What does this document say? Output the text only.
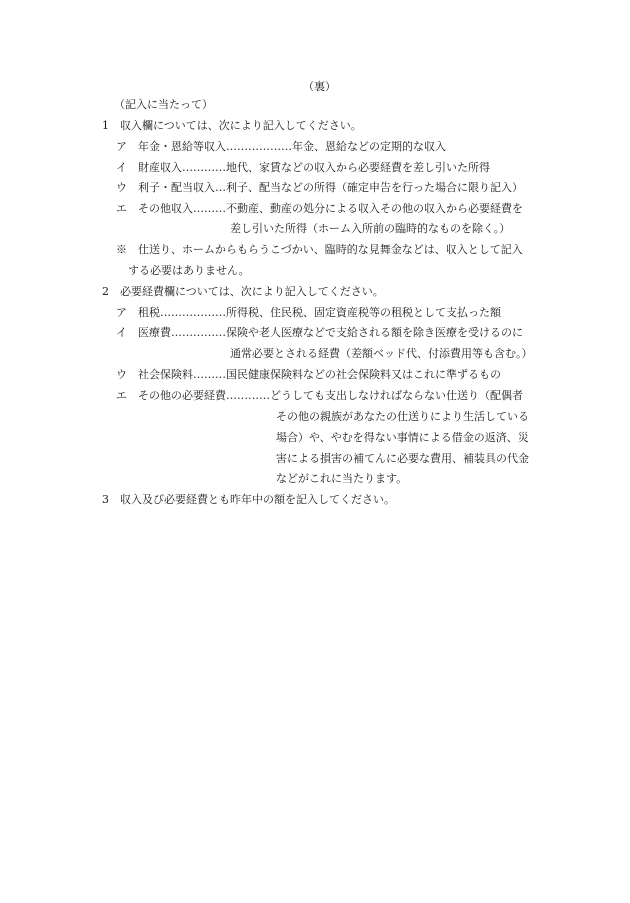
（裏）
（記入に当たって）
1　収入欄については、次により記入してください。
ア　年金・恩給等収入………………年金、恩給などの定期的な収入
イ　財産収入…………地代、家賃などの収入から必要経費を差し引いた所得
ウ　利子・配当収入…利子、配当などの所得（確定申告を行った場合に限り記入）
エ　その他収入………不動産、動産の処分による収入その他の収入から必要経費を
差し引いた所得（ホーム入所前の臨時的なものを除く。）
※　仕送り、ホームからもらうこづかい、臨時的な見舞金などは、収入として記入
する必要はありません。
2　必要経費欄については、次により記入してください。
ア　租税………………所得税、住民税、固定資産税等の租税として支払った額
イ　医療費……………保険や老人医療などで支給される額を除き医療を受けるのに
通常必要とされる経費（差額ベッド代、付添費用等も含む。）
ウ　社会保険料………国民健康保険料などの社会保険料又はこれに準ずるもの
エ　その他の必要経費…………どうしても支出しなければならない仕送り（配偶者
その他の親族があなたの仕送りにより生活している
場合）や、やむを得ない事情による借金の返済、災
害による損害の補てんに必要な費用、補装具の代金
などがこれに当たります。
3　収入及び必要経費とも昨年中の額を記入してください。
